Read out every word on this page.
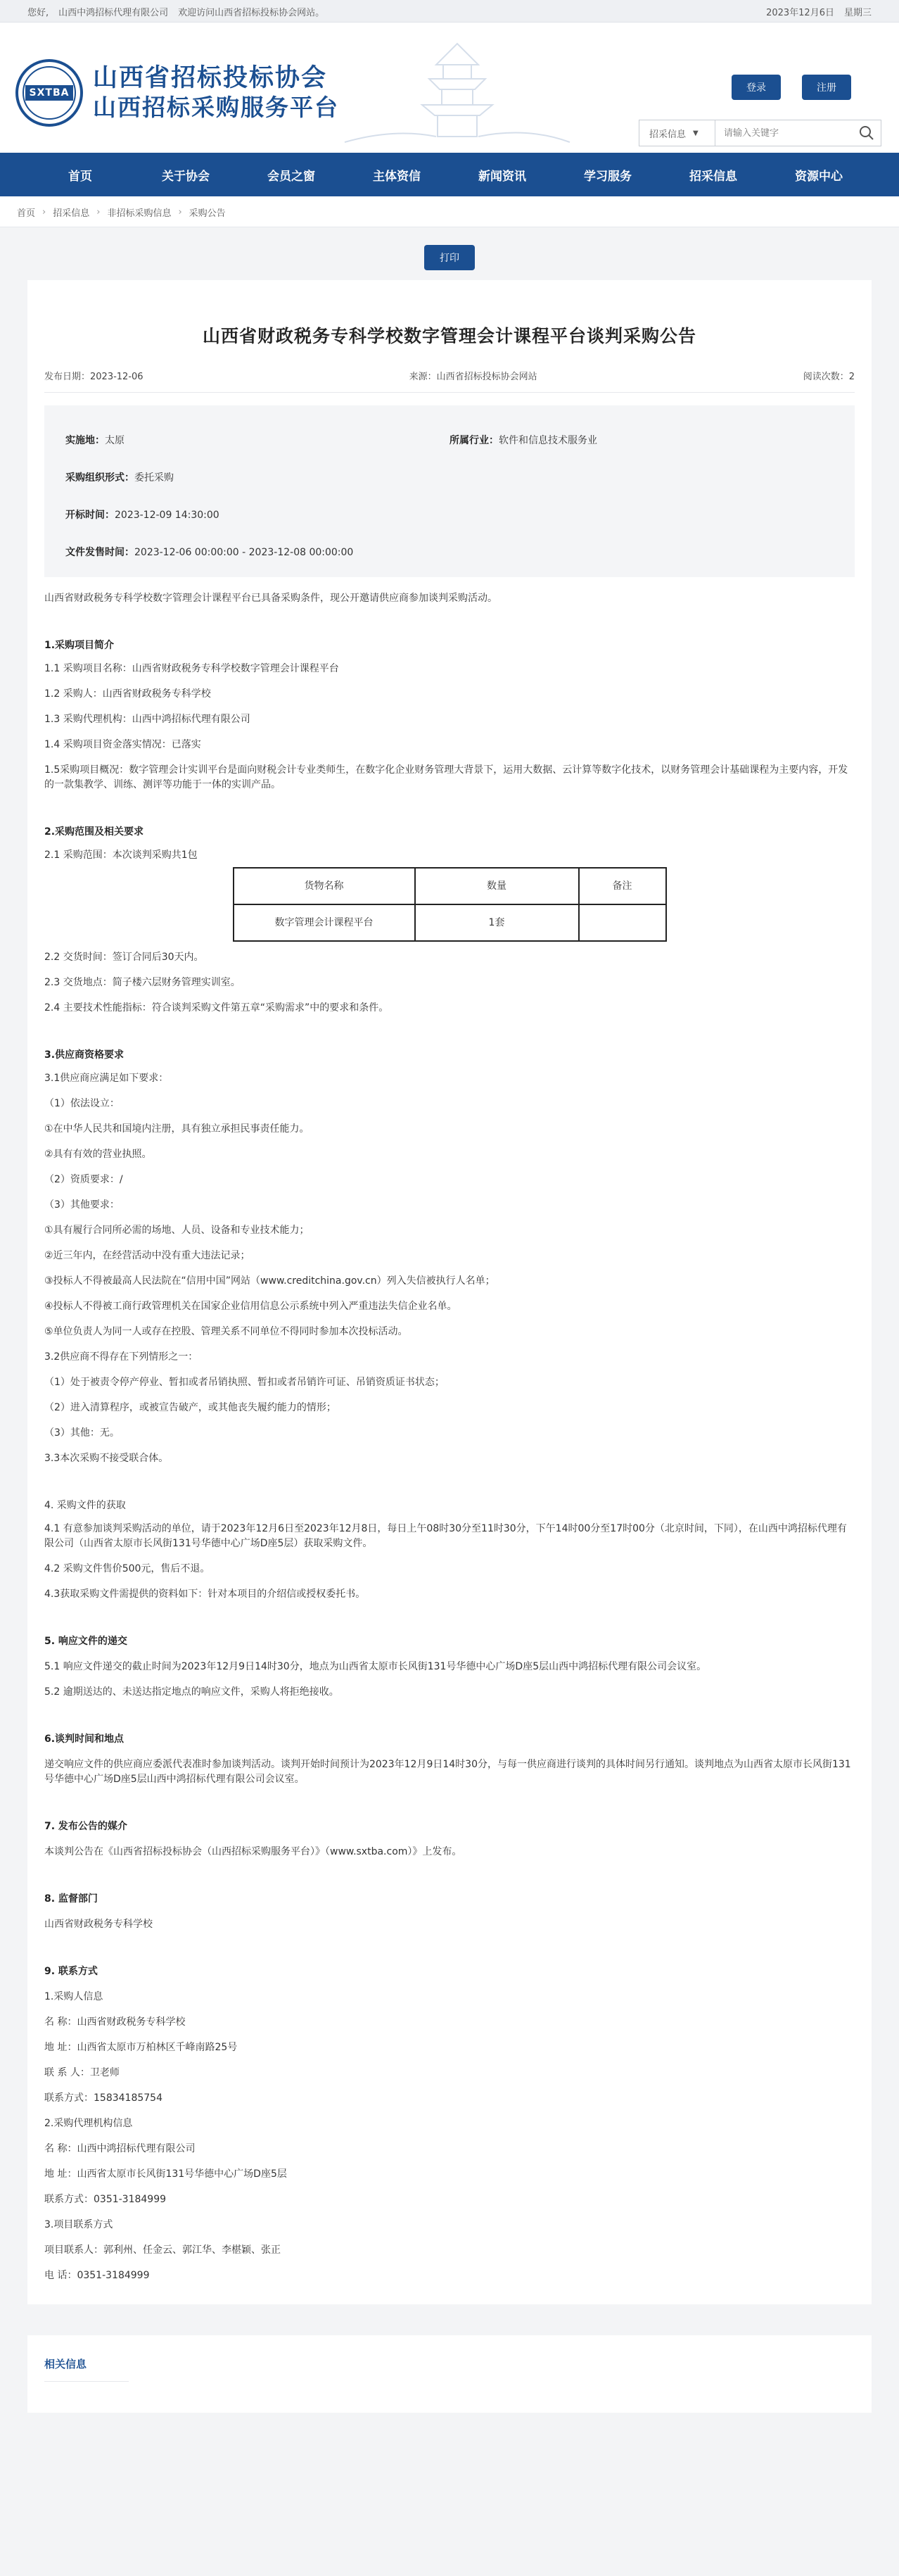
您好, 山西中鸿招标代理有限公司 欢迎访问山西省招标投标协会网站。	2023年12月6日 星期三
SXTBA
山西省招标投标协会
山西招标采购服务平台
登录	注册
招采信息 ▼
请输入关键字
首页	关于协会	会员之窗	主体资信	新闻资讯	学习服务	招采信息	资源中心
首页 › 招采信息 › 非招标采购信息 › 采购公告
打印
山西省财政税务专科学校数字管理会计课程平台谈判采购公告
发布日期：2023-12-06	来源：山西省招标投标协会网站	阅读次数：2
实施地：太原	所属行业：软件和信息技术服务业
采购组织形式：委托采购
开标时间：2023-12-09 14:30:00
文件发售时间：2023-12-06 00:00:00 - 2023-12-08 00:00:00

山西省财政税务专科学校数字管理会计课程平台已具备采购条件，现公开邀请供应商参加谈判采购活动。

1.采购项目简介

1.1 采购项目名称：山西省财政税务专科学校数字管理会计课程平台

1.2 采购人：山西省财政税务专科学校

1.3 采购代理机构：山西中鸿招标代理有限公司

1.4 采购项目资金落实情况：已落实

1.5采购项目概况：数字管理会计实训平台是面向财税会计专业类师生，在数字化企业财务管理大背景下，运用大数据、云计算等数字化技术，以财务管理会计基础课程为主要内容，开发的一款集教学、训练、测评等功能于一体的实训产品。

2.采购范围及相关要求

2.1 采购范围：本次谈判采购共1包

货物名称	数量	备注
数字管理会计课程平台	1套	

2.2 交货时间：签订合同后30天内。

2.3 交货地点：简子楼六层财务管理实训室。

2.4 主要技术性能指标：符合谈判采购文件第五章“采购需求”中的要求和条件。

3.供应商资格要求

3.1供应商应满足如下要求：

（1）依法设立：

①在中华人民共和国境内注册，具有独立承担民事责任能力。

②具有有效的营业执照。

（2）资质要求：/

（3）其他要求：

①具有履行合同所必需的场地、人员、设备和专业技术能力；

②近三年内，在经营活动中没有重大违法记录；

③投标人不得被最高人民法院在“信用中国”网站（www.creditchina.gov.cn）列入失信被执行人名单；

④投标人不得被工商行政管理机关在国家企业信用信息公示系统中列入严重违法失信企业名单。

⑤单位负责人为同一人或存在控股、管理关系不同单位不得同时参加本次投标活动。

3.2供应商不得存在下列情形之一：

（1）处于被责令停产停业、暂扣或者吊销执照、暂扣或者吊销许可证、吊销资质证书状态；

（2）进入清算程序，或被宣告破产，或其他丧失履约能力的情形；

（3）其他：无。

3.3本次采购不接受联合体。

4. 采购文件的获取

4.1 有意参加谈判采购活动的单位，请于2023年12月6日至2023年12月8日，每日上午08时30分至11时30分，下午14时00分至17时00分（北京时间，下同），在山西中鸿招标代理有限公司（山西省太原市长风街131号华德中心广场D座5层）获取采购文件。

4.2 采购文件售价500元，售后不退。

4.3获取采购文件需提供的资料如下：针对本项目的介绍信或授权委托书。

5. 响应文件的递交

5.1 响应文件递交的截止时间为2023年12月9日14时30分，地点为山西省太原市长风街131号华德中心广场D座5层山西中鸿招标代理有限公司会议室。

5.2 逾期送达的、未送达指定地点的响应文件，采购人将拒绝接收。

6.谈判时间和地点

递交响应文件的供应商应委派代表准时参加谈判活动。谈判开始时间预计为2023年12月9日14时30分，与每一供应商进行谈判的具体时间另行通知。谈判地点为山西省太原市长风街131号华德中心广场D座5层山西中鸿招标代理有限公司会议室。

7. 发布公告的媒介

本谈判公告在《山西省招标投标协会（山西招标采购服务平台）》（www.sxtba.com）》上发布。

8. 监督部门

山西省财政税务专科学校

9. 联系方式

1.采购人信息

名 称：山西省财政税务专科学校

地 址：山西省太原市万柏林区千峰南路25号

联 系 人：卫老师

联系方式：15834185754

2.采购代理机构信息

名 称：山西中鸿招标代理有限公司

地 址：山西省太原市长风街131号华德中心广场D座5层

联系方式：0351-3184999

3.项目联系方式

项目联系人：郭利州、任金云、郭江华、李椹颖、张正

电 话：0351-3184999

相关信息
